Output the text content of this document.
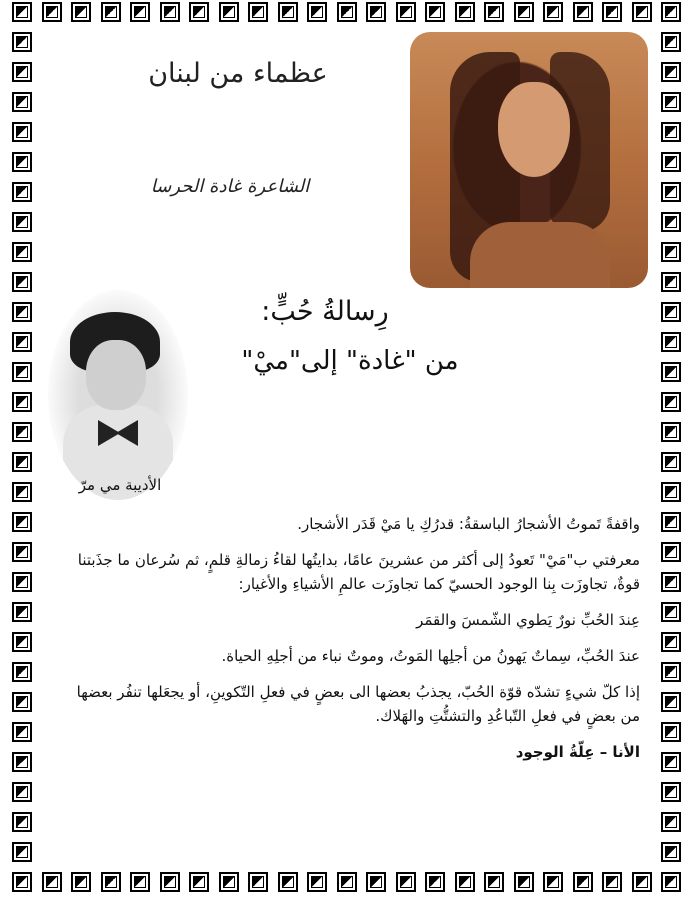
عظماء من لبنان
الشاعرة غادة الحرسا
الأديبة مي مرّ
رِسالةُ حُبٍّ:
من "غادة" إلى"ميْ"

واقفةً تَموتُ الأشجارُ الباسقةُ: قدرُكِ يا مَيْ قَدَر الأشجار.

معرفتي ب"مَيْ" تَعودُ إلى أكثر من عشرينَ عامًا، بدايتُها لقاءُ زمالةِ قلمٍ، ثم سُرعان ما جذَبتنا قوةٌ، تجاوزَت بِنا الوجود الحسيّ كما تجاوزَت عالمِ الأشياءِ والأغيار:

عِندَ الحُبِّ نورٌ يَطوي الشّمسَ والقمَر

عندَ الحُبِّ، سِماتٌ يَهونُ من أجلِها المَوتُ، وموتٌ نباء من أجلِهِ الحياة.

إذا كلّ شيءٍ تشدّه قوّة الحُبّ، يجذبُ بعضها الى بعضٍ في فعلِ التّكوينِ، أو يجعَلها تنفُر بعضها من بعضٍ في فعلِ التّباعُدِ والتشتُّتِ والهَلاك.

الأنا – عِلّةُ الوجود
